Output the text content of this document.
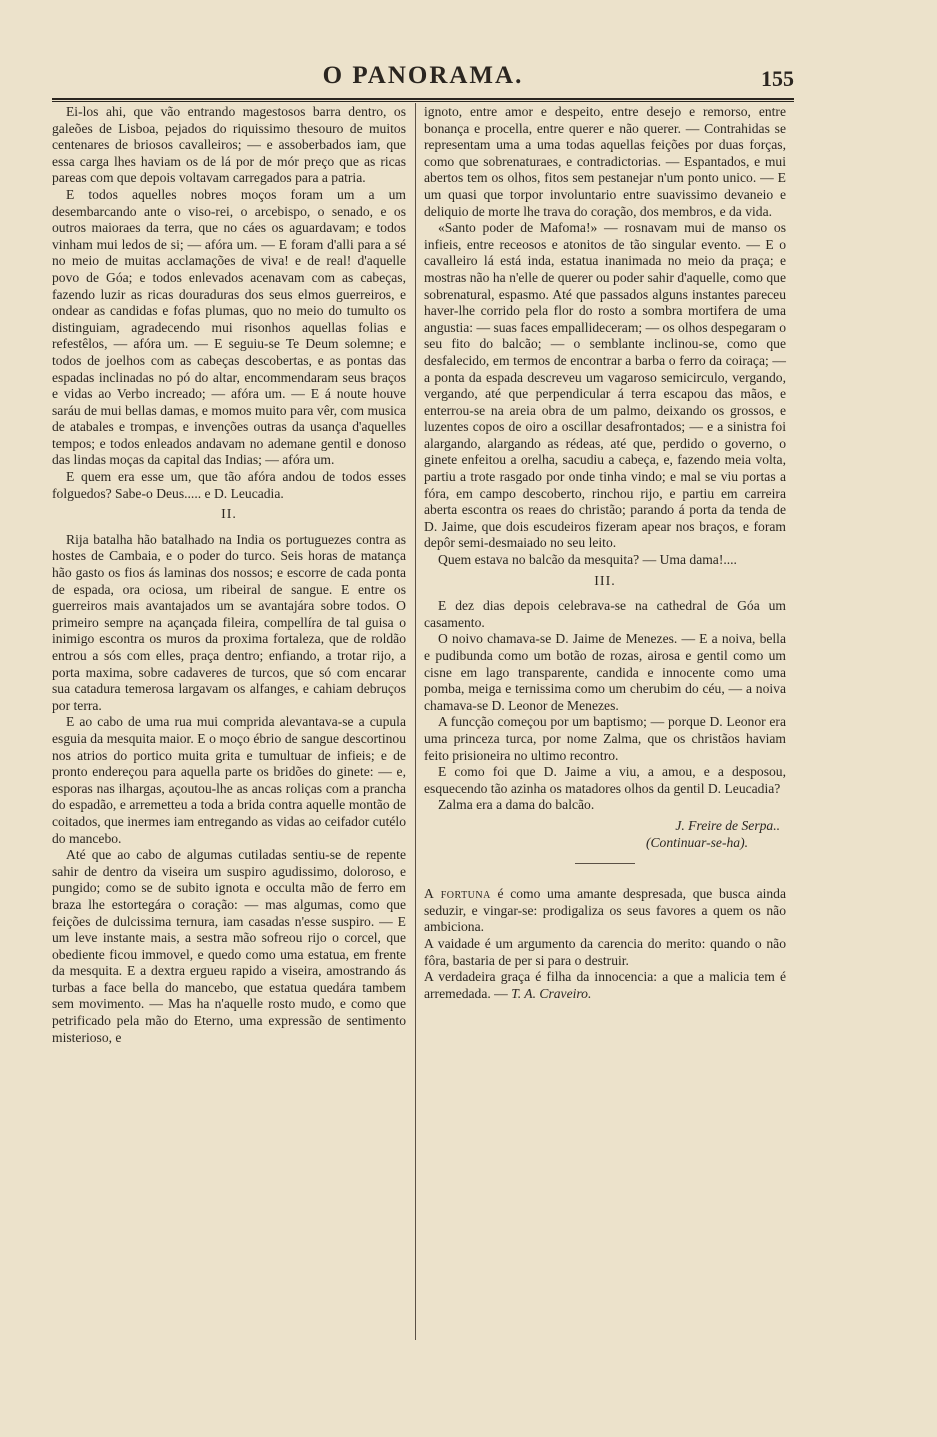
O PANORAMA.	155

Ei-los ahi, que vão entrando magestosos barra dentro, os galeões de Lisboa, pejados do riquissimo thesouro de muitos centenares de briosos cavalleiros; — e assoberbados iam, que essa carga lhes haviam os de lá por de mór preço que as ricas pareas com que depois voltavam carregados para a patria.

E todos aquelles nobres moços foram um a um desembarcando ante o viso-rei, o arcebispo, o senado, e os outros maioraes da terra, que no cáes os aguardavam; e todos vinham mui ledos de si; — afóra um. — E foram d'alli para a sé no meio de muitas acclamações de viva! e de real! d'aquelle povo de Góa; e todos enlevados acenavam com as cabeças, fazendo luzir as ricas douraduras dos seus elmos guerreiros, e ondear as candidas e fofas plumas, quo no meio do tumulto os distinguiam, agradecendo mui risonhos aquellas folias e refestêlos, — afóra um. — E seguiu-se Te Deum solemne; e todos de joelhos com as cabeças descobertas, e as pontas das espadas inclinadas no pó do altar, encommendaram seus braços e vidas ao Verbo increado; — afóra um. — E á noute houve saráu de mui bellas damas, e momos muito para vêr, com musica de atabales e trompas, e invenções outras da usança d'aquelles tempos; e todos enleados andavam no ademane gentil e donoso das lindas moças da capital das Indias; — afóra um.

E quem era esse um, que tão afóra andou de todos esses folguedos? Sabe-o Deus..... e D. Leucadia.

II.

Rija batalha hão batalhado na India os portuguezes contra as hostes de Cambaia, e o poder do turco. Seis horas de matança hão gasto os fios ás laminas dos nossos; e escorre de cada ponta de espada, ora ociosa, um ribeiral de sangue. E entre os guerreiros mais avantajados um se avantajára sobre todos. O primeiro sempre na açançada fileira, compellíra de tal guisa o inimigo escontra os muros da proxima fortaleza, que de roldão entrou a sós com elles, praça dentro; enfiando, a trotar rijo, a porta maxima, sobre cadaveres de turcos, que só com encarar sua catadura temerosa largavam os alfanges, e cahiam debruços por terra.

E ao cabo de uma rua mui comprida alevantava-se a cupula esguia da mesquita maior. E o moço ébrio de sangue descortinou nos atrios do portico muita grita e tumultuar de infieis; e de pronto endereçou para aquella parte os bridões do ginete: — e, esporas nas ilhargas, açoutou-lhe as ancas roliças com a prancha do espadão, e arremetteu a toda a brida contra aquelle montão de coitados, que inermes iam entregando as vidas ao ceifador cutélo do mancebo.

Até que ao cabo de algumas cutiladas sentiu-se de repente sahir de dentro da viseira um suspiro agudissimo, doloroso, e pungido; como se de subito ignota e occulta mão de ferro em braza lhe estortegára o coração: — mas algumas, como que feições de dulcissima ternura, iam casadas n'esse suspiro. — E um leve instante mais, a sestra mão sofreou rijo o corcel, que obediente ficou immovel, e quedo como uma estatua, em frente da mesquita. E a dextra ergueu rapido a viseira, amostrando ás turbas a face bella do mancebo, que estatua quedára tambem sem movimento. — Mas ha n'aquelle rosto mudo, e como que petrificado pela mão do Eterno, uma expressão de sentimento misterioso, e

ignoto, entre amor e despeito, entre desejo e remorso, entre bonança e procella, entre querer e não querer. — Contrahidas se representam uma a uma todas aquellas feições por duas forças, como que sobrenaturaes, e contradictorias. — Espantados, e mui abertos tem os olhos, fitos sem pestanejar n'um ponto unico. — E um quasi que torpor involuntario entre suavissimo devaneio e deliquio de morte lhe trava do coração, dos membros, e da vida.

«Santo poder de Mafoma!» — rosnavam mui de manso os infieis, entre receosos e atonitos de tão singular evento. — E o cavalleiro lá está inda, estatua inanimada no meio da praça; e mostras não ha n'elle de querer ou poder sahir d'aquelle, como que sobrenatural, espasmo. Até que passados alguns instantes pareceu haver-lhe corrido pela flor do rosto a sombra mortifera de uma angustia: — suas faces empallideceram; — os olhos despegaram o seu fito do balcão; — o semblante inclinou-se, como que desfalecido, em termos de encontrar a barba o ferro da coiraça; — a ponta da espada descreveu um vagaroso semicirculo, vergando, vergando, até que perpendicular á terra escapou das mãos, e enterrou-se na areia obra de um palmo, deixando os grossos, e luzentes copos de oiro a oscillar desafrontados; — e a sinistra foi alargando, alargando as rédeas, até que, perdido o governo, o ginete enfeitou a orelha, sacudiu a cabeça, e, fazendo meia volta, partiu a trote rasgado por onde tinha vindo; e mal se viu portas a fóra, em campo descoberto, rinchou rijo, e partiu em carreira aberta escontra os reaes do christão; parando á porta da tenda de D. Jaime, que dois escudeiros fizeram apear nos braços, e foram depôr semi-desmaiado no seu leito.

Quem estava no balcão da mesquita? — Uma dama!....

III.

E dez dias depois celebrava-se na cathedral de Góa um casamento.

O noivo chamava-se D. Jaime de Menezes. — E a noiva, bella e pudibunda como um botão de rozas, airosa e gentil como um cisne em lago transparente, candida e innocente como uma pomba, meiga e ternissima como um cherubim do céu, — a noiva chamava-se D. Leonor de Menezes.

A funcção começou por um baptismo; — porque D. Leonor era uma princeza turca, por nome Zalma, que os christãos haviam feito prisioneira no ultimo recontro.

E como foi que D. Jaime a viu, a amou, e a desposou, esquecendo tão azinha os matadores olhos da gentil D. Leucadia?

Zalma era a dama do balcão.

J. Freire de Serpa..

(Continuar-se-ha).

A fortuna é como uma amante despresada, que busca ainda seduzir, e vingar-se: prodigaliza os seus favores a quem os não ambiciona.

A vaidade é um argumento da carencia do merito: quando o não fôra, bastaria de per si para o destruir.

A verdadeira graça é filha da innocencia: a que a malicia tem é arremedada. — T. A. Craveiro.
